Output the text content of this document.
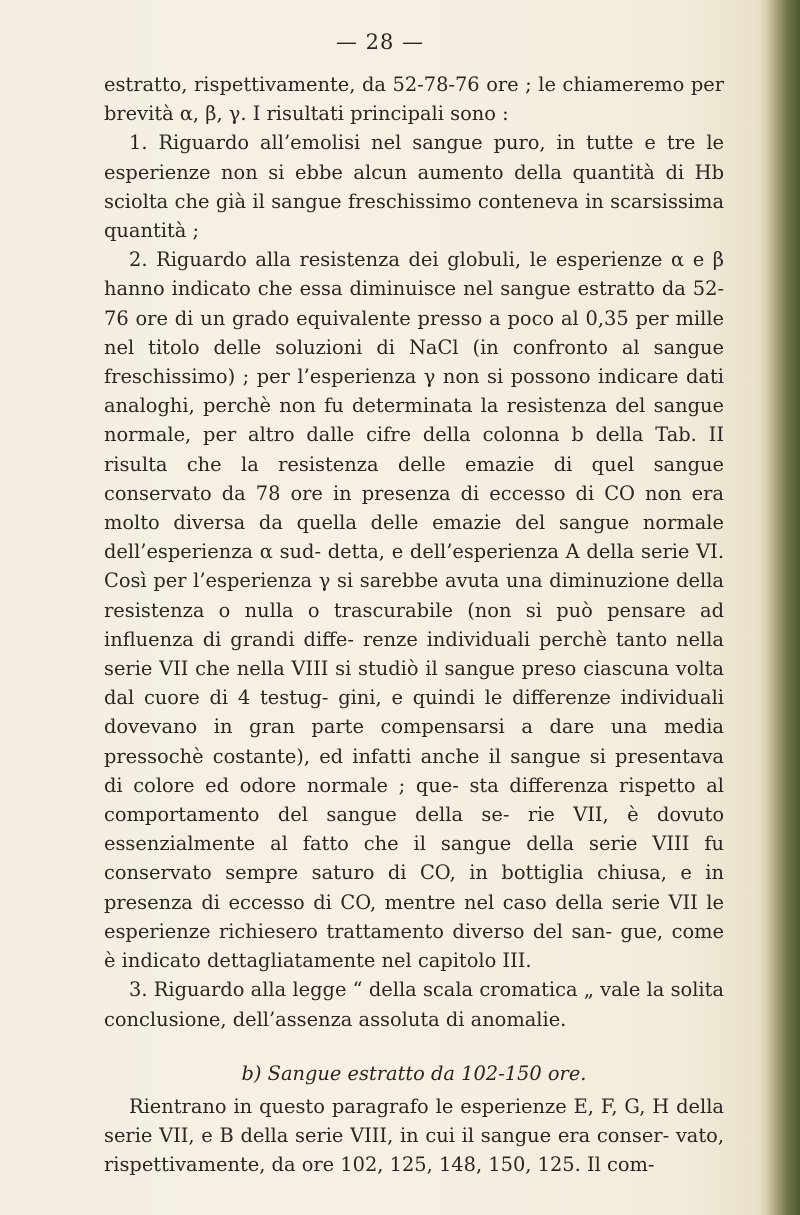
— 28 —

estratto, rispettivamente, da 52-78-76 ore ; le chiameremo per brevità α, β, γ. I risultati principali sono :

1. Riguardo all’emolisi nel sangue puro, in tutte e tre le esperienze non si ebbe alcun aumento della quantità di Hb sciolta che già il sangue freschissimo conteneva in scarsissima quantità ;

2. Riguardo alla resistenza dei globuli, le esperienze α e β hanno indicato che essa diminuisce nel sangue estratto da 52-76 ore di un grado equivalente presso a poco al 0,35 per mille nel titolo delle soluzioni di NaCl (in confronto al sangue freschissimo) ; per l’esperienza γ non si possono indicare dati analoghi, perchè non fu determinata la resistenza del sangue normale, per altro dalle cifre della colonna b della Tab. II risulta che la resistenza delle emazie di quel sangue conservato da 78 ore in presenza di eccesso di CO non era molto diversa da quella delle emazie del sangue normale dell’esperienza α sud- detta, e dell’esperienza A della serie VI. Così per l’esperienza γ si sarebbe avuta una diminuzione della resistenza o nulla o trascurabile (non si può pensare ad influenza di grandi diffe- renze individuali perchè tanto nella serie VII che nella VIII si studiò il sangue preso ciascuna volta dal cuore di 4 testug- gini, e quindi le differenze individuali dovevano in gran parte compensarsi a dare una media pressochè costante), ed infatti anche il sangue si presentava di colore ed odore normale ; que- sta differenza rispetto al comportamento del sangue della se- rie VII, è dovuto essenzialmente al fatto che il sangue della serie VIII fu conservato sempre saturo di CO, in bottiglia chiusa, e in presenza di eccesso di CO, mentre nel caso della serie VII le esperienze richiesero trattamento diverso del san- gue, come è indicato dettagliatamente nel capitolo III.

3. Riguardo alla legge “ della scala cromatica „ vale la solita conclusione, dell’assenza assoluta di anomalie.

b) Sangue estratto da 102-150 ore.

Rientrano in questo paragrafo le esperienze E, F, G, H della serie VII, e B della serie VIII, in cui il sangue era conser- vato, rispettivamente, da ore 102, 125, 148, 150, 125. Il com-
